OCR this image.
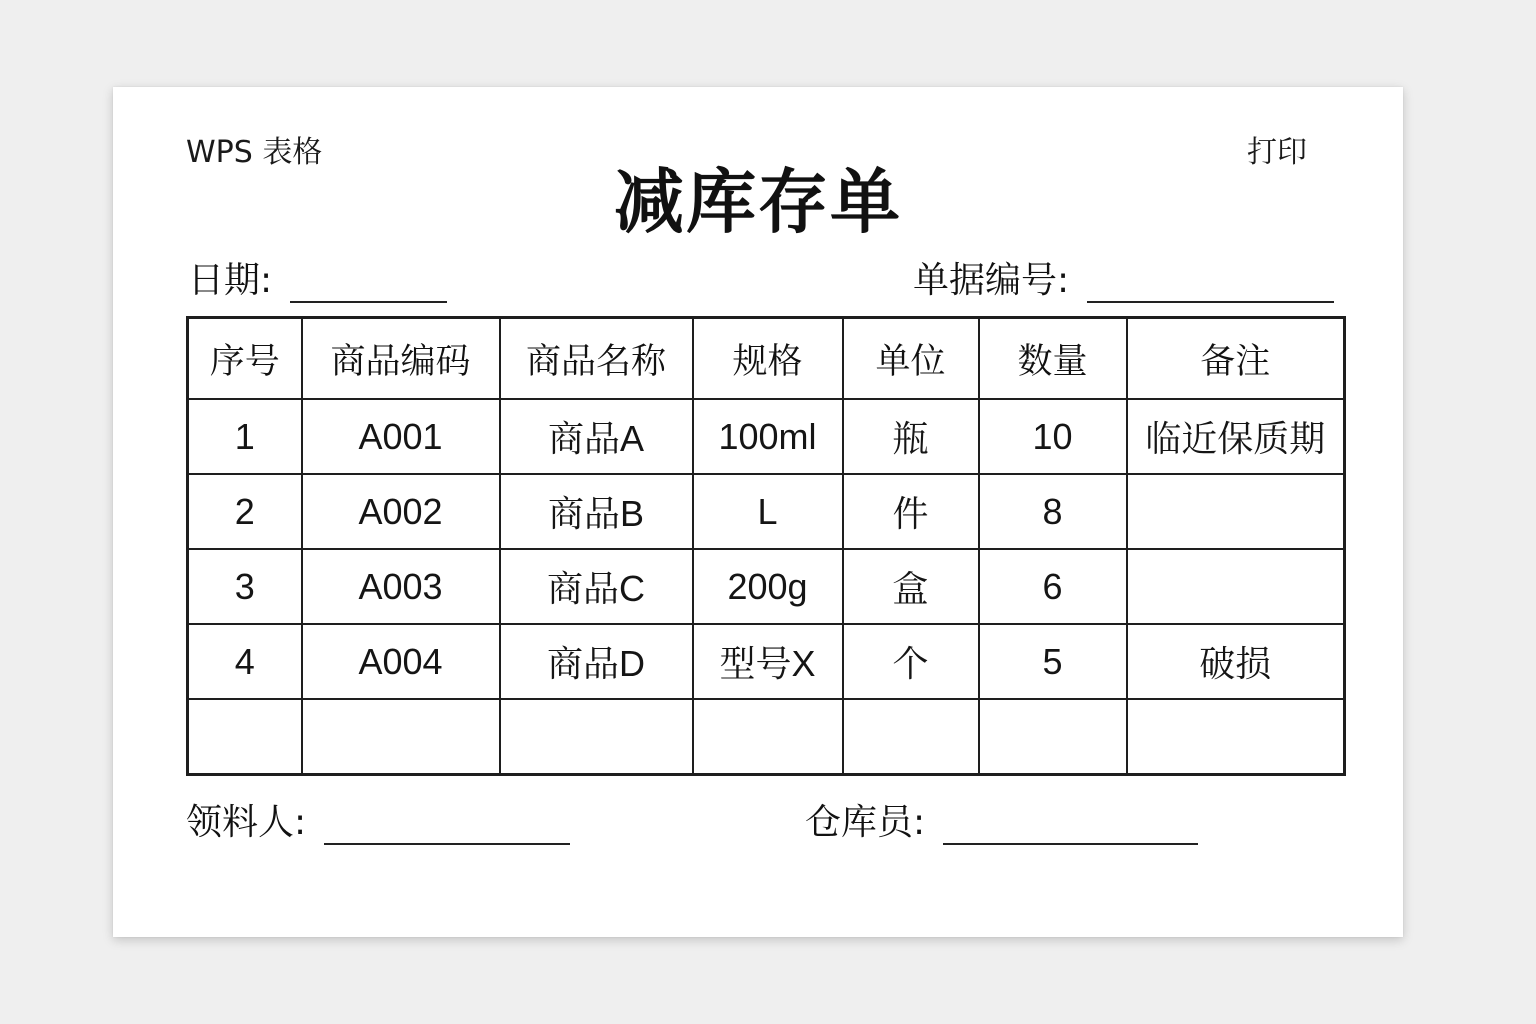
WPS 表格	打印
减库存单
日期:	单据编号:
序号	商品编码	商品名称	规格	单位	数量	备注
1	A001	商品A	100ml	瓶	10	临近保质期
2	A002	商品B	L	件	8	
3	A003	商品C	200g	盒	6	
4	A004	商品D	型号X	个	5	破损

领料人:	仓库员:
